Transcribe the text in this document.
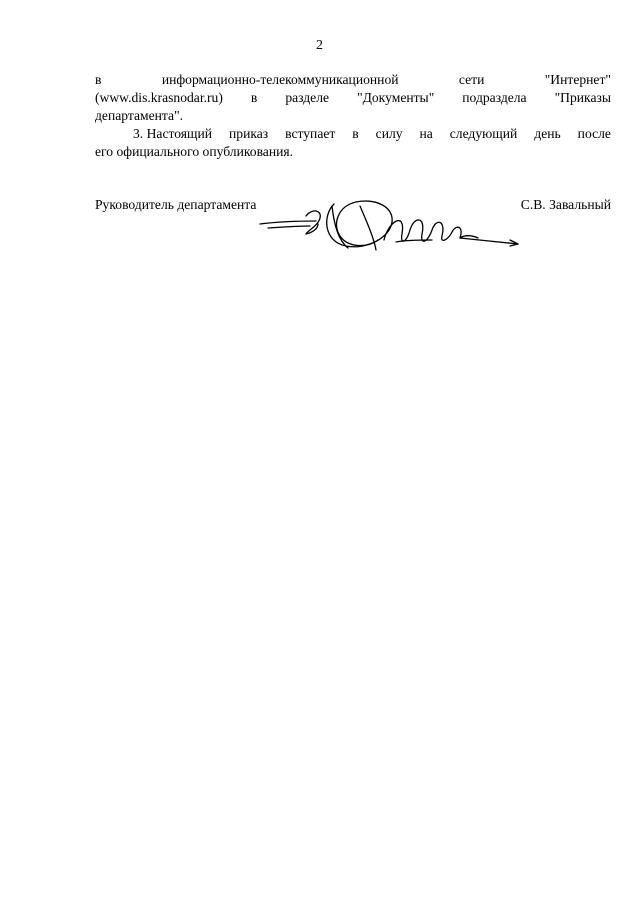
2
в	информационно-телекоммуникационной	сети	"Интернет"
(www.dis.krasnodar.ru) в разделе "Документы" подраздела "Приказы
департамента".
3. Настоящий приказ вступает в силу на следующий день после
его официального опубликования.
Руководитель департамента	С.В. Завальный
